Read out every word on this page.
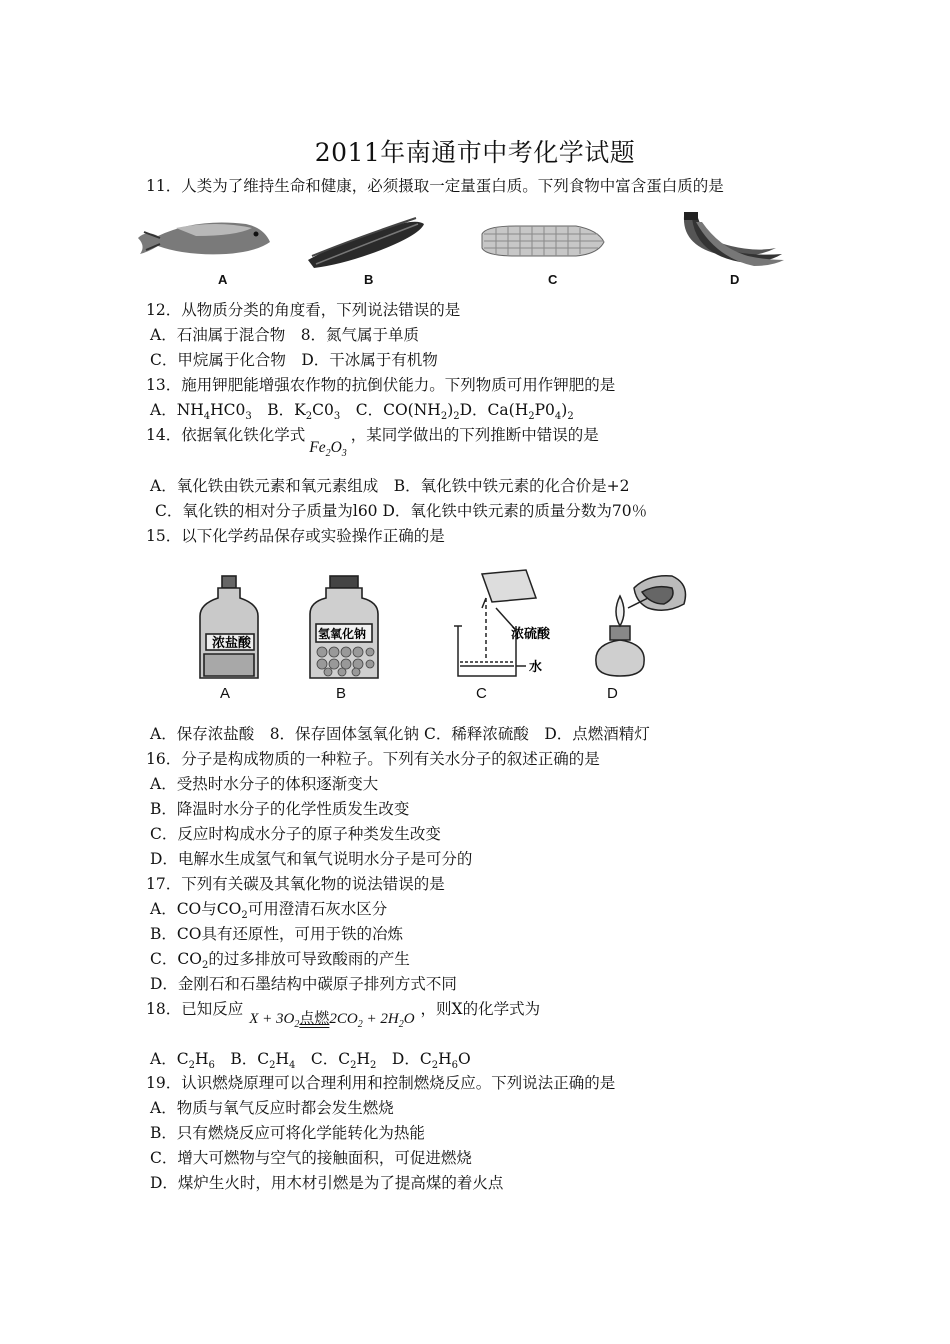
2011年南通市中考化学试题
11．人类为了维持生命和健康，必须摄取一定量蛋白质。下列食物中富含蛋白质的是
A	B	C	D
12．从物质分类的角度看，下列说法错误的是
A．石油属于混合物　8．氮气属于单质
C．甲烷属于化合物　D．干冰属于有机物
13．施用钾肥能增强农作物的抗倒伏能力。下列物质可用作钾肥的是
A．$NH_4HC0_3$　B．$K_2C0_3$　C．$CO(NH_2)_2D$．$Ca(H_2P0_4)_2$
14．依据氧化铁化学式$Fe_2O_3$，某同学做出的下列推断中错误的是
A．氧化铁由铁元素和氧元素组成　B．氧化铁中铁元素的化合价是+2
C．氧化铁的相对分子质量为l60 D．氧化铁中铁元素的质量分数为70％
15．以下化学药品保存或实验操作正确的是
浓盐酸
氢氧化钠	浓硫酸
水
A	B	C	D
A．保存浓盐酸　8．保存固体氢氧化钠 C．稀释浓硫酸　D．点燃酒精灯
16．分子是构成物质的一种粒子。下列有关水分子的叙述正确的是
A．受热时水分子的体积逐渐变大
B．降温时水分子的化学性质发生改变
C．反应时构成水分子的原子种类发生改变
D．电解水生成氢气和氧气说明水分子是可分的
17．下列有关碳及其氧化物的说法错误的是
A．CO与$CO_2$可用澄清石灰水区分
B．CO具有还原性，可用于铁的冶炼
C．$CO_2$的过多排放可导致酸雨的产生
D．金刚石和石墨结构中碳原子排列方式不同
18．已知反应$X + 3O_2$点燃$2CO_2 + 2H_2O$，则X的化学式为
A．$C_2H_6$　B．$C_2H_4$　C．$C_2H_2$　D．$C_2H_6O$
19．认识燃烧原理可以合理利用和控制燃烧反应。下列说法正确的是
A．物质与氧气反应时都会发生燃烧
B．只有燃烧反应可将化学能转化为热能
C．增大可燃物与空气的接触面积，可促进燃烧
D．煤炉生火时，用木材引燃是为了提高煤的着火点
